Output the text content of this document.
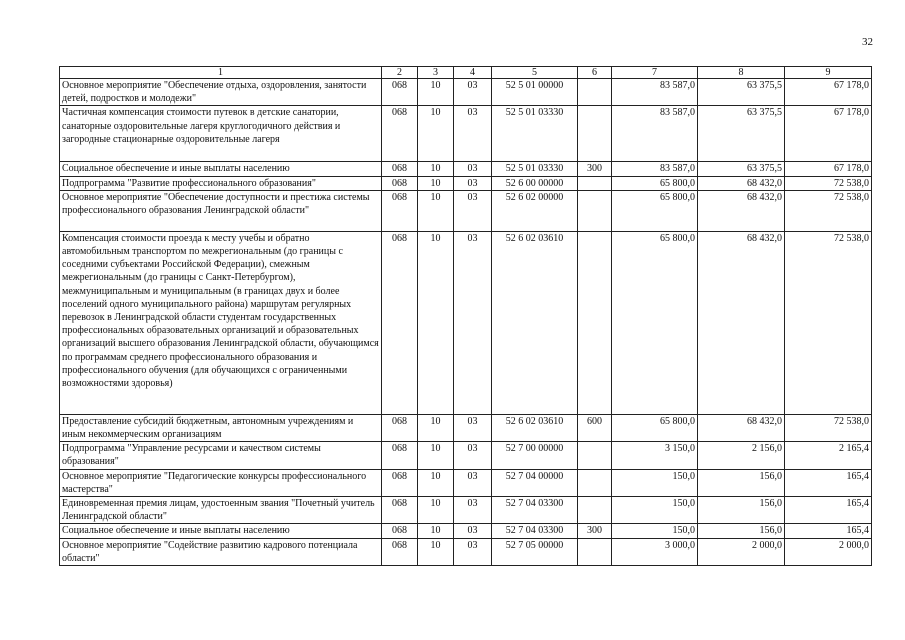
32
1	2	3	4	5	6	7	8	9
Основное мероприятие "Обеспечение отдыха, оздоровления, занятости детей, подростков и молодежи"	068	10	03	52 5 01 00000		83 587,0	63 375,5	67 178,0
Частичная компенсация стоимости путевок в детские санатории, санаторные оздоровительные лагеря круглогодичного действия и загородные стационарные оздоровительные лагеря	068	10	03	52 5 01 03330		83 587,0	63 375,5	67 178,0
Социальное обеспечение и иные выплаты населению	068	10	03	52 5 01 03330	300	83 587,0	63 375,5	67 178,0
Подпрограмма "Развитие профессионального образования"	068	10	03	52 6 00 00000		65 800,0	68 432,0	72 538,0
Основное мероприятие "Обеспечение доступности и престижа системы профессионального образования Ленинградской области"	068	10	03	52 6 02 00000		65 800,0	68 432,0	72 538,0
Компенсация стоимости проезда к месту учебы и обратно автомобильным транспортом по межрегиональным (до границы с соседними субъектами Российской Федерации), смежным межрегиональным (до границы с Санкт-Петербургом), межмуниципальным и муниципальным (в границах двух и более поселений одного муниципального района) маршрутам регулярных перевозок в Ленинградской области студентам государственных профессиональных образовательных организаций и образовательных организаций высшего образования Ленинградской области, обучающимся по программам среднего профессионального образования и профессионального обучения (для обучающихся с ограниченными возможностями здоровья)	068	10	03	52 6 02 03610		65 800,0	68 432,0	72 538,0
Предоставление субсидий бюджетным, автономным учреждениям и иным некоммерческим организациям	068	10	03	52 6 02 03610	600	65 800,0	68 432,0	72 538,0
Подпрограмма "Управление ресурсами и качеством системы образования"	068	10	03	52 7 00 00000		3 150,0	2 156,0	2 165,4
Основное мероприятие "Педагогические конкурсы профессионального мастерства"	068	10	03	52 7 04 00000		150,0	156,0	165,4
Единовременная премия лицам, удостоенным звания "Почетный учитель Ленинградской области"	068	10	03	52 7 04 03300		150,0	156,0	165,4
Социальное обеспечение и иные выплаты населению	068	10	03	52 7 04 03300	300	150,0	156,0	165,4
Основное мероприятие "Содействие развитию кадрового потенциала области"	068	10	03	52 7 05 00000		3 000,0	2 000,0	2 000,0
